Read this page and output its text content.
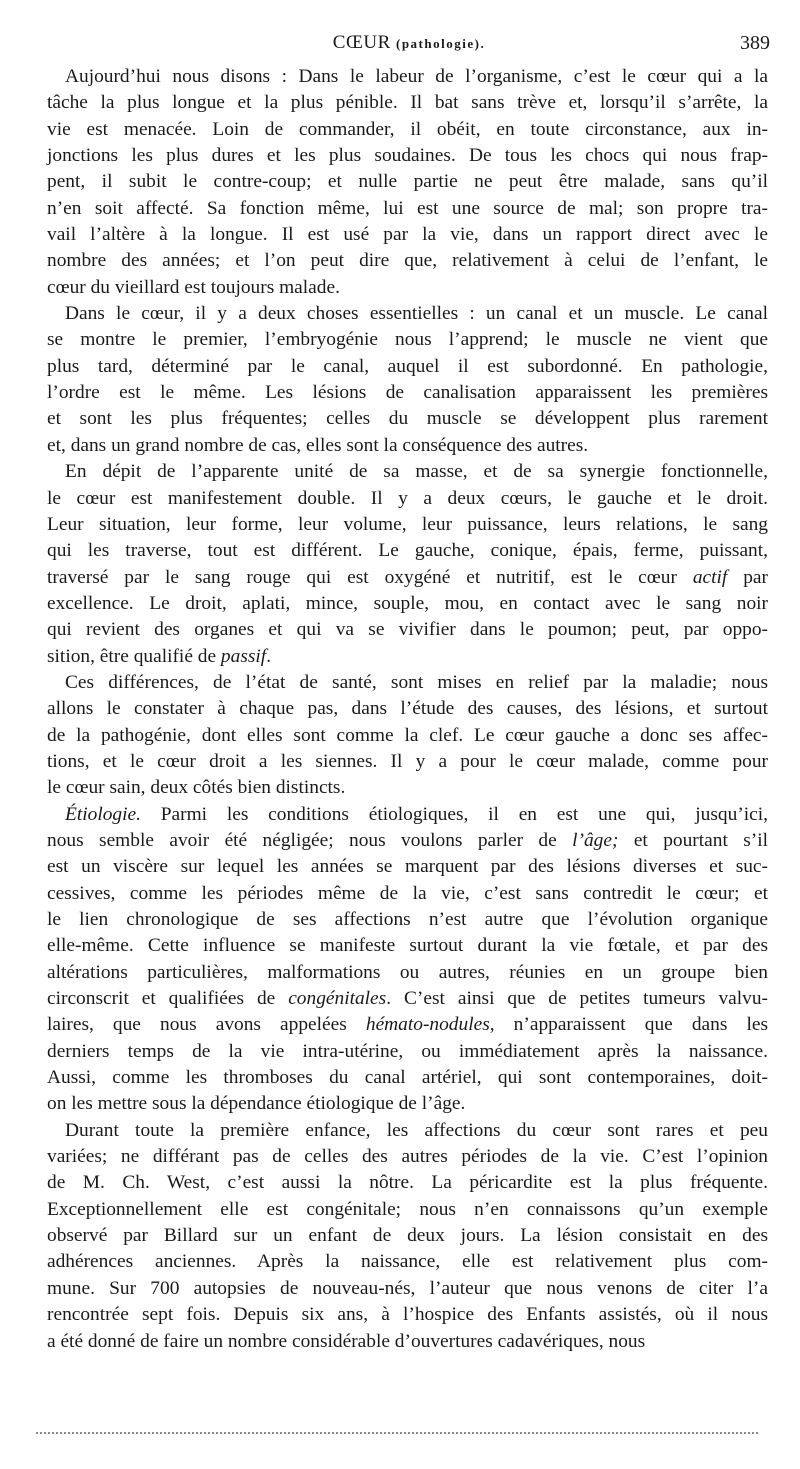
CŒUR (pathologie).	389
Aujourd’hui nous disons : Dans le labeur de l’organisme, c’est le cœur qui a la
tâche la plus longue et la plus pénible. Il bat sans trève et, lorsqu’il s’arrête, la
vie est menacée. Loin de commander, il obéit, en toute circonstance, aux in-
jonctions les plus dures et les plus soudaines. De tous les chocs qui nous frap-
pent, il subit le contre-coup; et nulle partie ne peut être malade, sans qu’il
n’en soit affecté. Sa fonction même, lui est une source de mal; son propre tra-
vail l’altère à la longue. Il est usé par la vie, dans un rapport direct avec le
nombre des années; et l’on peut dire que, relativement à celui de l’enfant, le
cœur du vieillard est toujours malade.
Dans le cœur, il y a deux choses essentielles : un canal et un muscle. Le canal
se montre le premier, l’embryogénie nous l’apprend; le muscle ne vient que
plus tard, déterminé par le canal, auquel il est subordonné. En pathologie,
l’ordre est le même. Les lésions de canalisation apparaissent les premières
et sont les plus fréquentes; celles du muscle se développent plus rarement
et, dans un grand nombre de cas, elles sont la conséquence des autres.
En dépit de l’apparente unité de sa masse, et de sa synergie fonctionnelle,
le cœur est manifestement double. Il y a deux cœurs, le gauche et le droit.
Leur situation, leur forme, leur volume, leur puissance, leurs relations, le sang
qui les traverse, tout est différent. Le gauche, conique, épais, ferme, puissant,
traversé par le sang rouge qui est oxygéné et nutritif, est le cœur actif par
excellence. Le droit, aplati, mince, souple, mou, en contact avec le sang noir
qui revient des organes et qui va se vivifier dans le poumon; peut, par oppo-
sition, être qualifié de passif.
Ces différences, de l’état de santé, sont mises en relief par la maladie; nous
allons le constater à chaque pas, dans l’étude des causes, des lésions, et surtout
de la pathogénie, dont elles sont comme la clef. Le cœur gauche a donc ses affec-
tions, et le cœur droit a les siennes. Il y a pour le cœur malade, comme pour
le cœur sain, deux côtés bien distincts.
Étiologie. Parmi les conditions étiologiques, il en est une qui, jusqu’ici,
nous semble avoir été négligée; nous voulons parler de l’âge; et pourtant s’il
est un viscère sur lequel les années se marquent par des lésions diverses et suc-
cessives, comme les périodes même de la vie, c’est sans contredit le cœur; et
le lien chronologique de ses affections n’est autre que l’évolution organique
elle-même. Cette influence se manifeste surtout durant la vie fœtale, et par des
altérations particulières, malformations ou autres, réunies en un groupe bien
circonscrit et qualifiées de congénitales. C’est ainsi que de petites tumeurs valvu-
laires, que nous avons appelées hémato-nodules, n’apparaissent que dans les
derniers temps de la vie intra-utérine, ou immédiatement après la naissance.
Aussi, comme les thromboses du canal artériel, qui sont contemporaines, doit-
on les mettre sous la dépendance étiologique de l’âge.
Durant toute la première enfance, les affections du cœur sont rares et peu
variées; ne différant pas de celles des autres périodes de la vie. C’est l’opinion
de M. Ch. West, c’est aussi la nôtre. La péricardite est la plus fréquente.
Exceptionnellement elle est congénitale; nous n’en connaissons qu’un exemple
observé par Billard sur un enfant de deux jours. La lésion consistait en des
adhérences anciennes. Après la naissance, elle est relativement plus com-
mune. Sur 700 autopsies de nouveau-nés, l’auteur que nous venons de citer l’a
rencontrée sept fois. Depuis six ans, à l’hospice des Enfants assistés, où il nous
a été donné de faire un nombre considérable d’ouvertures cadavériques, nous
